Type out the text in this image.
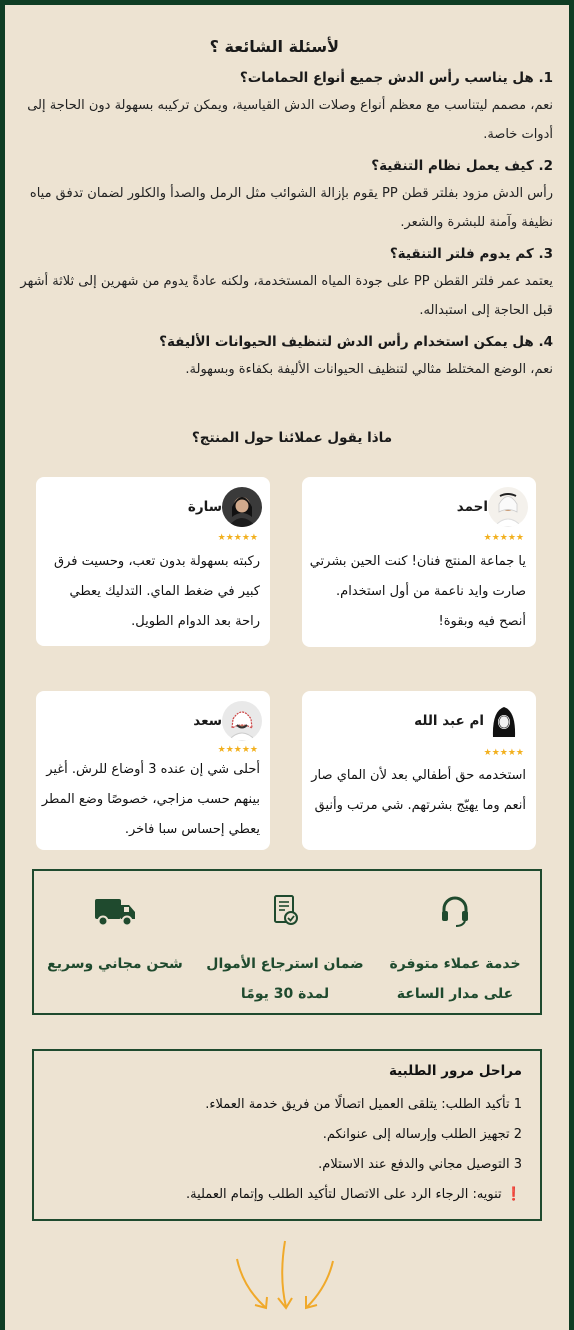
لأسئلة الشائعة ؟

1. هل يناسب رأس الدش جميع أنواع الحمامات؟

نعم، مصمم ليتناسب مع معظم أنواع وصلات الدش القياسية، ويمكن تركيبه بسهولة دون الحاجة إلى أدوات خاصة.

2. كيف يعمل نظام التنقية؟

رأس الدش مزود بفلتر قطن PP يقوم بإزالة الشوائب مثل الرمل والصدأ والكلور لضمان تدفق مياه نظيفة وآمنة للبشرة والشعر.

3. كم يدوم فلتر التنقية؟

يعتمد عمر فلتر القطن PP على جودة المياه المستخدمة، ولكنه عادةً يدوم من شهرين إلى ثلاثة أشهر قبل الحاجة إلى استبداله.

4. هل يمكن استخدام رأس الدش لتنظيف الحيوانات الأليفة؟

نعم، الوضع المختلط مثالي لتنظيف الحيوانات الأليفة بكفاءة وبسهولة.

ماذا يقول عملائنا حول المنتج؟
احمد
★★★★★
يا جماعة المنتج فنان! كنت الحين بشرتي صارت وايد ناعمة من أول استخدام. أنصح فيه وبقوة!
سارة
★★★★★
ركبته بسهولة بدون تعب، وحسيت فرق كبير في ضغط الماي. التدليك يعطي راحة بعد الدوام الطويل.
ام عبد الله
★★★★★
استخدمه حق أطفالي بعد لأن الماي صار أنعم وما يهيّج بشرتهم. شي مرتب وأنيق
سعد
★★★★★
أحلى شي إن عنده 3 أوضاع للرش. أغير بينهم حسب مزاجي، خصوصًا وضع المطر يعطي إحساس سبا فاخر.
خدمة عملاء متوفرة
على مدار الساعة
ضمان استرجاع الأموال
لمدة 30 يومًا
شحن مجاني وسريع
مراحل مرور الطلبية
1 تأكيد الطلب: يتلقى العميل اتصالًا من فريق خدمة العملاء.
2 تجهيز الطلب وإرساله إلى عنوانكم.
3 التوصيل مجاني والدفع عند الاستلام.
❗ تنويه: الرجاء الرد على الاتصال لتأكيد الطلب وإتمام العملية.
